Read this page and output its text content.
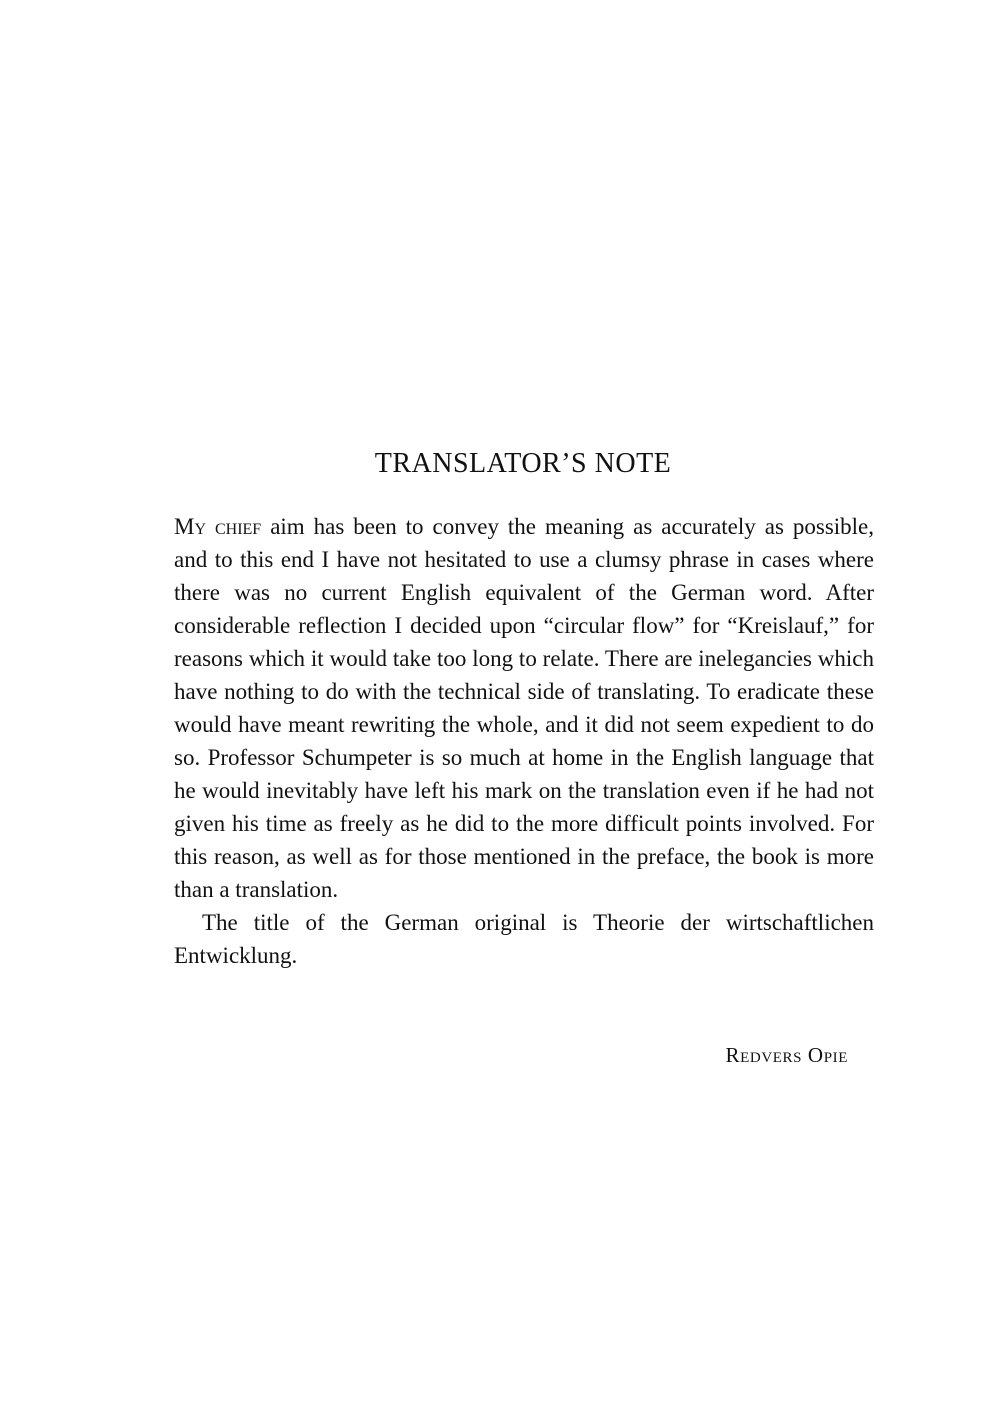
TRANSLATOR’S NOTE

My chief aim has been to convey the meaning as accurately as possible, and to this end I have not hesitated to use a clumsy phrase in cases where there was no current English equivalent of the German word. After considerable reflection I decided upon “circular flow” for “Kreislauf,” for reasons which it would take too long to relate. There are inelegancies which have nothing to do with the technical side of translating. To eradicate these would have meant rewriting the whole, and it did not seem expedient to do so. Professor Schumpeter is so much at home in the English language that he would inevitably have left his mark on the translation even if he had not given his time as freely as he did to the more difficult points involved. For this reason, as well as for those mentioned in the preface, the book is more than a translation.

The title of the German original is Theorie der wirtschaftlichen Entwicklung.

Redvers Opie
